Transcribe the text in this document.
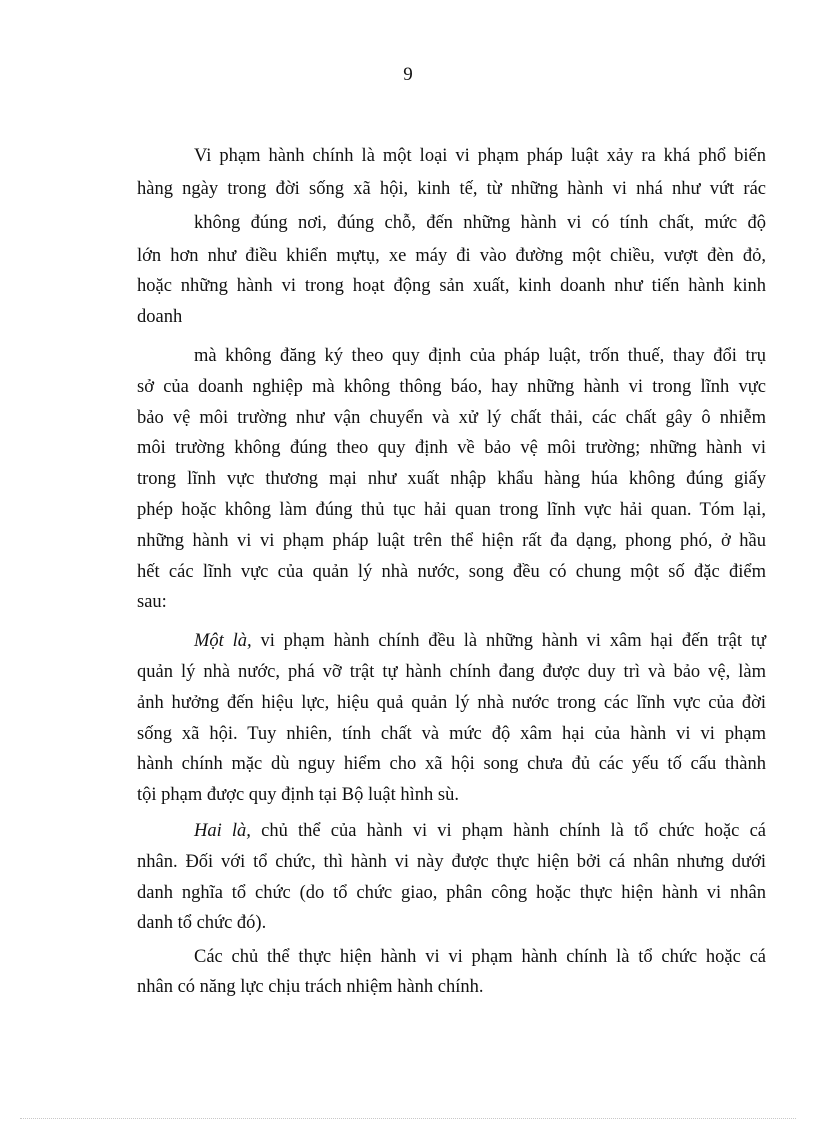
9
Vi phạm hành chính là một loại vi phạm pháp luật xảy ra khá phổ biến
hàng ngày trong đời sống xã hội, kinh tế, từ những hành vi nhá như vứt rác
không đúng nơi, đúng chỗ, đến những hành vi có tính chất, mức độ
lớn hơn như điều khiển mựtụ, xe máy đi vào đường một chiều, vượt đèn đỏ,
hoặc những hành vi trong hoạt động sản xuất, kinh doanh như tiến hành kinh
doanh
mà không đăng ký theo quy định của pháp luật, trốn thuế, thay đổi trụ
sở của doanh nghiệp mà không thông báo, hay những hành vi trong lĩnh vực
bảo vệ môi trường như vận chuyển và xử lý chất thải, các chất gây ô nhiễm
môi trường không đúng theo quy định về bảo vệ môi trường; những hành vi
trong lĩnh vực thương mại như xuất nhập khẩu hàng húa không đúng giấy
phép hoặc không làm đúng thủ tục hải quan trong lĩnh vực hải quan. Tóm lại,
những hành vi vi phạm pháp luật trên thể hiện rất đa dạng, phong phó, ở hầu
hết các lĩnh vực của quản lý nhà nước, song đều có chung một số đặc điểm
sau:
Một là, vi phạm hành chính đều là những hành vi xâm hại đến trật tự
quản lý nhà nước, phá vỡ trật tự hành chính đang được duy trì và bảo vệ, làm
ảnh hưởng đến hiệu lực, hiệu quả quản lý nhà nước trong các lĩnh vực của đời
sống xã hội. Tuy nhiên, tính chất và mức độ xâm hại của hành vi vi phạm
hành chính mặc dù nguy hiểm cho xã hội song chưa đủ các yếu tố cấu thành
tội phạm được quy định tại Bộ luật hình sù.
Hai là, chủ thể của hành vi vi phạm hành chính là tổ chức hoặc cá
nhân. Đối với tổ chức, thì hành vi này được thực hiện bởi cá nhân nhưng dưới
danh nghĩa tổ chức (do tổ chức giao, phân công hoặc thực hiện hành vi nhân
danh tổ chức đó).
Các chủ thể thực hiện hành vi vi phạm hành chính là tổ chức hoặc cá
nhân có năng lực chịu trách nhiệm hành chính.
